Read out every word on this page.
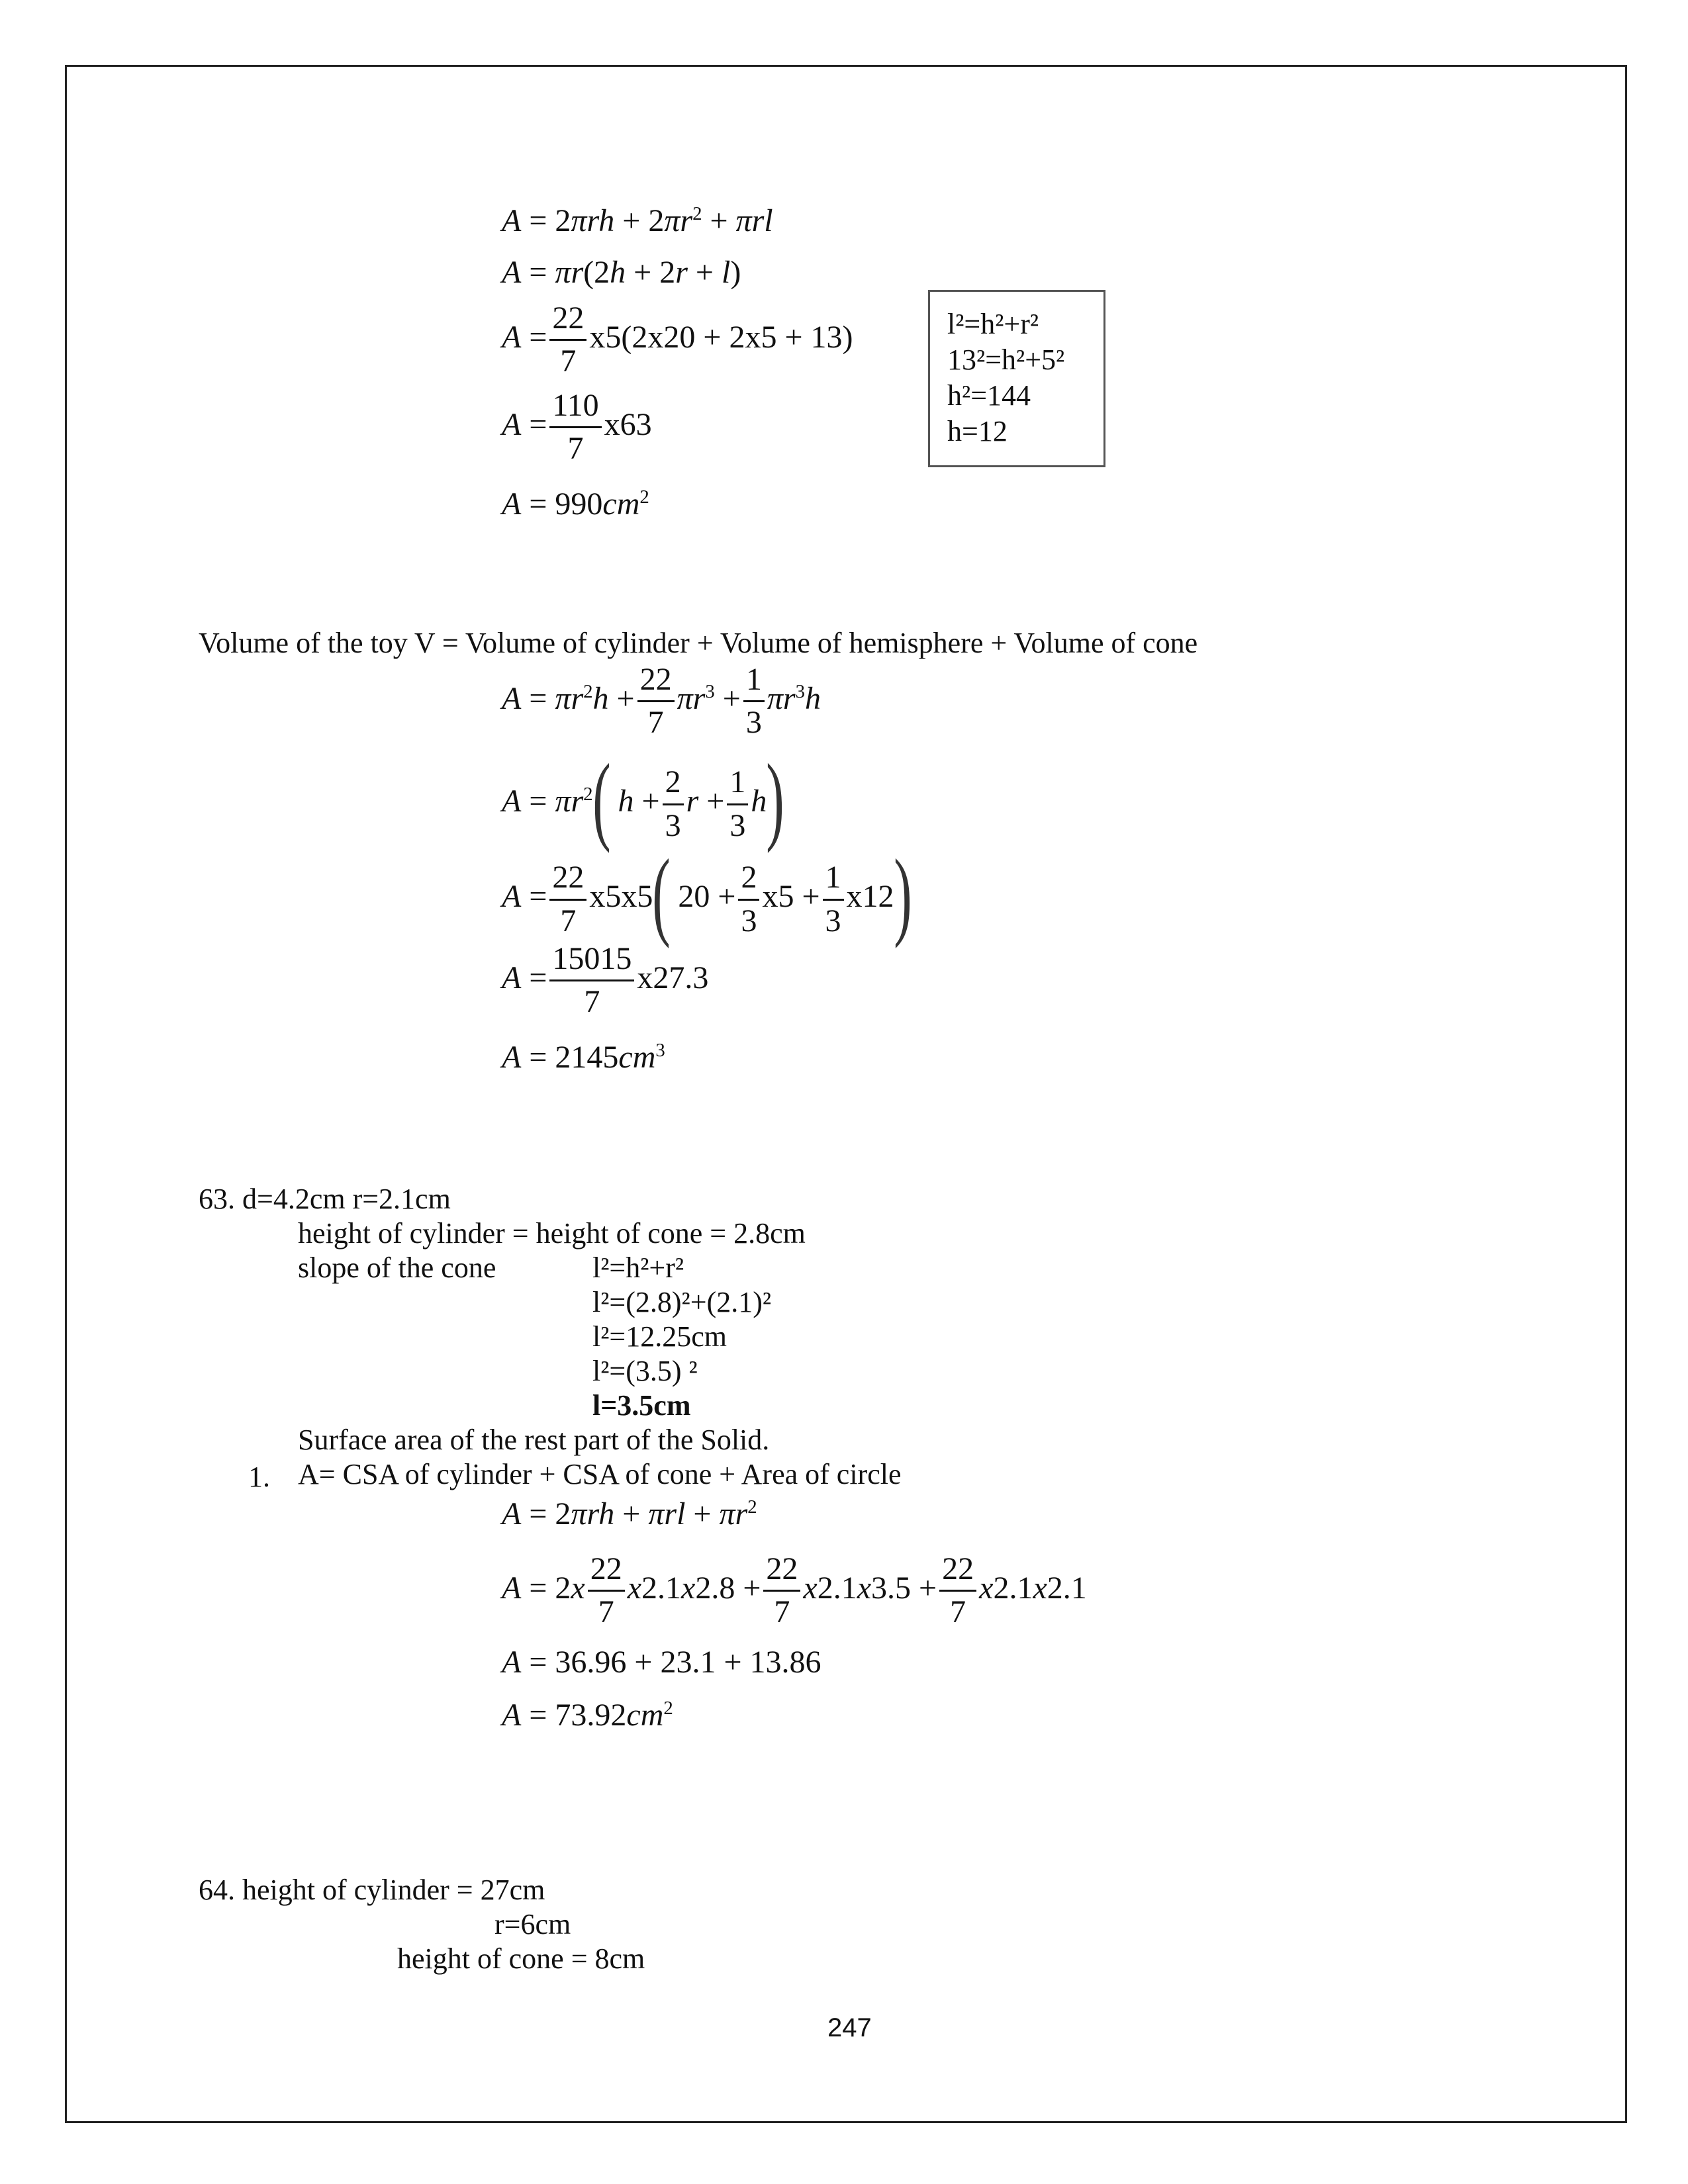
$A = 2\pi rh + 2\pi r^2 + \pi rl$
A = πr(2h + 2r + l)
$A = \frac{22}{7} x5(2x20 + 2x5 + 13)$
$A = \frac{110}{7} x63$
$A = 990cm^2$
l²=h²+r²
13²=h²+5²
h²=144
h=12
Volume of the toy V = Volume of cylinder + Volume of hemisphere + Volume of cone
$A = \pi r^2h + \frac{22}{7} \pi r^3 + \frac{1}{3} \pi r^3h$
$A = \pi r^2$( $h + \frac{2}{3}$ $r + \frac{1}{3} h$)
$A = \frac{22}{7} x5x5$( $20 + \frac{2}{3} x5 + \frac{1}{3} x12$)
$A = \frac{15015}{7} x27.3$
$A = 2145cm^3$
63. d=4.2cm r=2.1cm
height of cylinder = height of cone = 2.8cm
slope of the cone	l²=h²+r²
l²=(2.8)²+(2.1)²
l²=12.25cm
l²=(3.5) ²
l=3.5cm
Surface area of the rest part of the Solid.
1. A= CSA of cylinder + CSA of cone + Area of circle
$A = 2\pi rh + \pi rl + \pi r^2$
$A = 2x \frac{22}{7} x2.1x2.8 + \frac{22}{7} x2.1x3.5 + \frac{22}{7} x2.1x2.1$
A = 36.96 + 23.1 + 13.86
$A = 73.92cm^2$
64. height of cylinder = 27cm
r=6cm
height of cone = 8cm
247
